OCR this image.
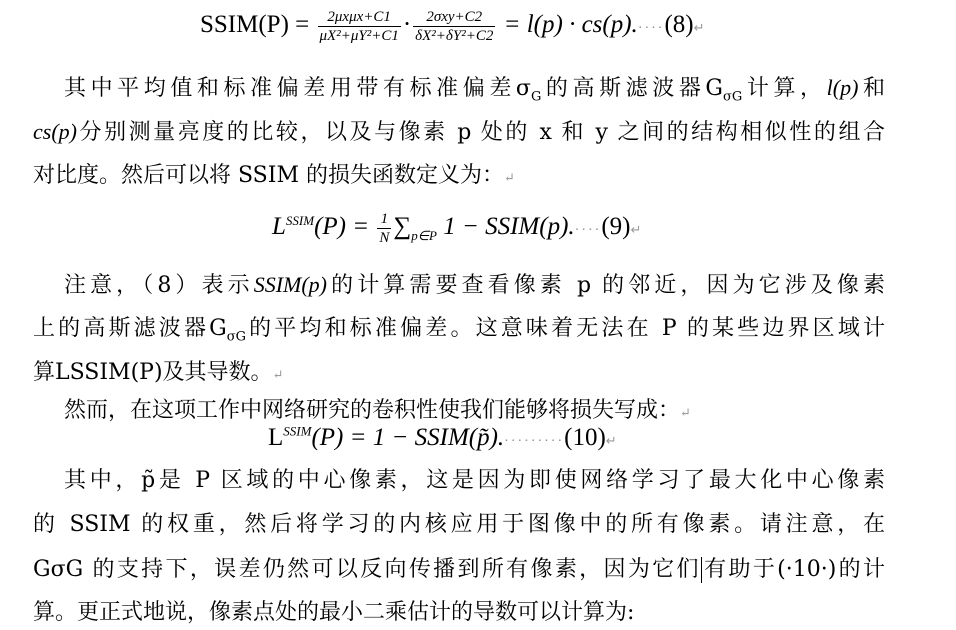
SSIM(P) = $\frac{\text{2μxμx+C1}}{\text{μX²+μY²+C1}} \cdot \frac{\text{2σxy+C2}}{\text{δX²+δY²+C2}} = l(p)$ · cs(p).····(8)↵
其中平均值和标准偏差用带有标准偏差$\sigma_G$的高斯滤波器$G_{\sigma G}$计算，l(p)和
cs(p)分别测量亮度的比较，以及与像素 p 处的 x 和 y 之间的结构相似性的组合
对比度。然后可以将 SSIM 的损失函数定义为：↵
$L^{SSIM}(P) = \frac{1}{N} \sum_{p\in P}$ 1 − SSIM(p).····(9)↵
注意，（8）表示SSIM(p)的计算需要查看像素 p 的邻近，因为它涉及像素
上的高斯滤波器$G_{\sigma G}$的平均和标准偏差。这意味着无法在 P 的某些边界区域计
算LSSIM(P)及其导数。↵
然而，在这项工作中网络研究的卷积性使我们能够将损失写成：↵
$L^{SSIM}(P) = 1$ − SSIM(p̃).·········(10)↵
其中，p̃是 P 区域的中心像素，这是因为即使网络学习了最大化中心像素
的 SSIM 的权重，然后将学习的内核应用于图像中的所有像素。请注意，在
GσG 的支持下，误差仍然可以反向传播到所有像素，因为它们有助于(·10·)的计
算。更正式地说，像素点处的最小二乘估计的导数可以计算为:
